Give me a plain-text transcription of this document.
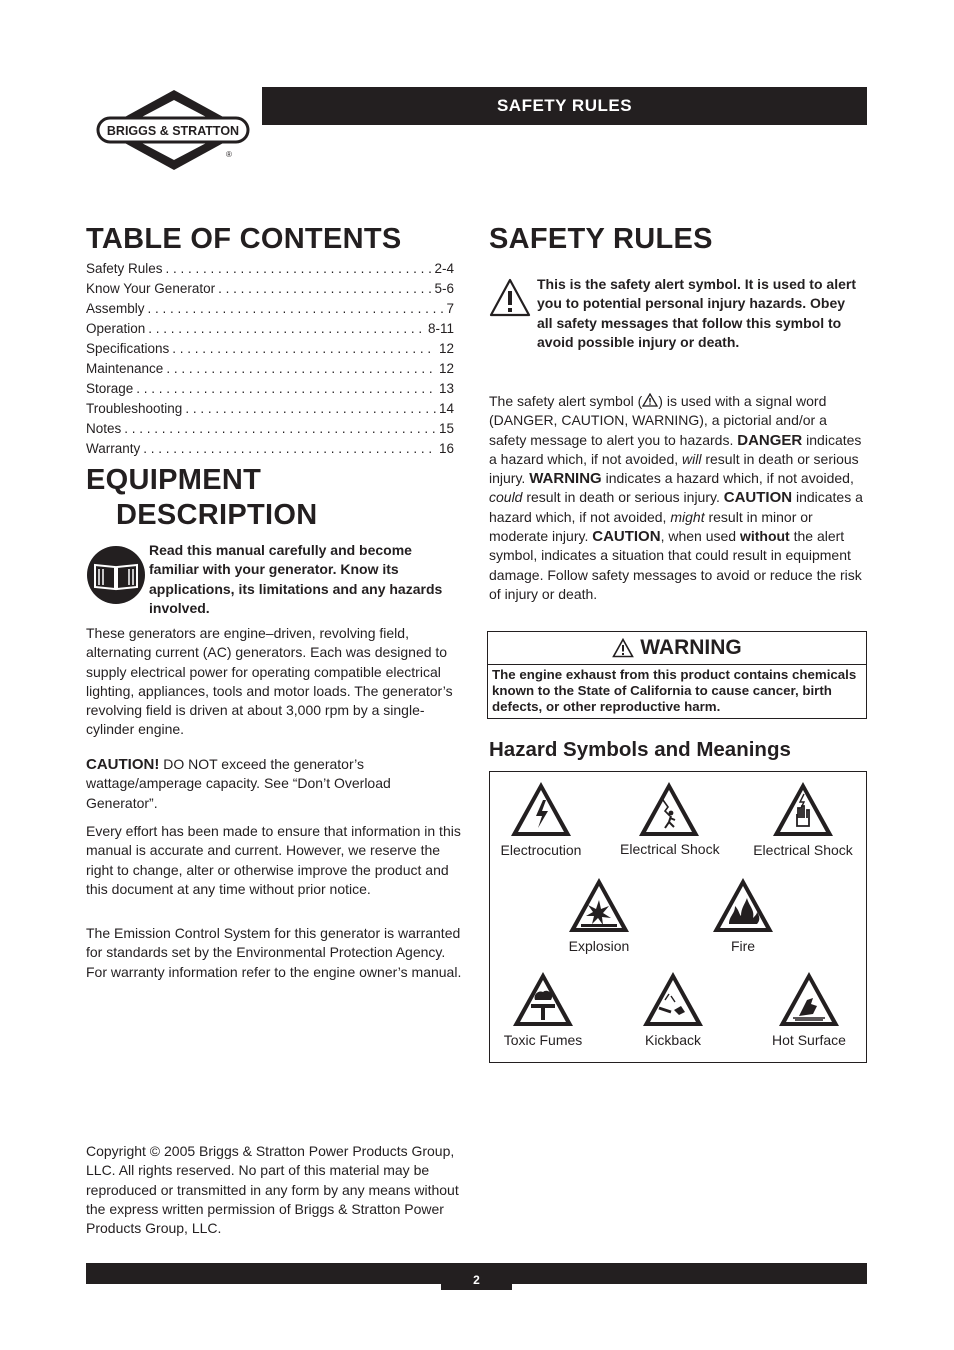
BRIGGS & STRATTON
®
SAFETY RULES
TABLE OF CONTENTS
Safety Rules . . .	2-4
Know Your Generator . . .	5-6
Assembly . . .	7
Operation . . .	8-11
Specifications . . .	12
Maintenance . . .	12
Storage . . .	13
Troubleshooting . . .	14
Notes . . .	15
Warranty . . .	16
EQUIPMENT
DESCRIPTION

Read this manual carefully and become familiar with your generator. Know its applications, its limitations and any hazards involved.

These generators are engine–driven, revolving field, alternating current (AC) generators. Each was designed to supply electrical power for operating compatible electrical lighting, appliances, tools and motor loads. The generator’s revolving field is driven at about 3,000 rpm by a single-cylinder engine.

CAUTION! DO NOT exceed the generator’s wattage/amperage capacity. See “Don’t Overload Generator”.

Every effort has been made to ensure that information in this manual is accurate and current. However, we reserve the right to change, alter or otherwise improve the product and this document at any time without prior notice.

The Emission Control System for this generator is warranted for standards set by the Environmental Protection Agency. For warranty information refer to the engine owner’s manual.

Copyright © 2005 Briggs & Stratton Power Products Group, LLC. All rights reserved. No part of this material may be reproduced or transmitted in any form by any means without the express written permission of Briggs & Stratton Power Products Group, LLC.

SAFETY RULES

This is the safety alert symbol. It is used to alert you to potential personal injury hazards. Obey all safety messages that follow this symbol to avoid possible injury or death.

The safety alert symbol ( ) is used with a signal word (DANGER, CAUTION, WARNING), a pictorial and/or a safety message to alert you to hazards. DANGER indicates a hazard which, if not avoided, will result in death or serious injury. WARNING indicates a hazard which, if not avoided, could result in death or serious injury. CAUTION indicates a hazard which, if not avoided, might result in minor or moderate injury. CAUTION, when used without the alert symbol, indicates a situation that could result in equipment damage. Follow safety messages to avoid or reduce the risk of injury or death.

WARNING
The engine exhaust from this product contains chemicals known to the State of California to cause cancer, birth defects, or other reproductive harm.
Hazard Symbols and Meanings
Electrocution	Electrical Shock	Electrical Shock
Explosion	Fire
Toxic Fumes	Kickback	Hot Surface
2
